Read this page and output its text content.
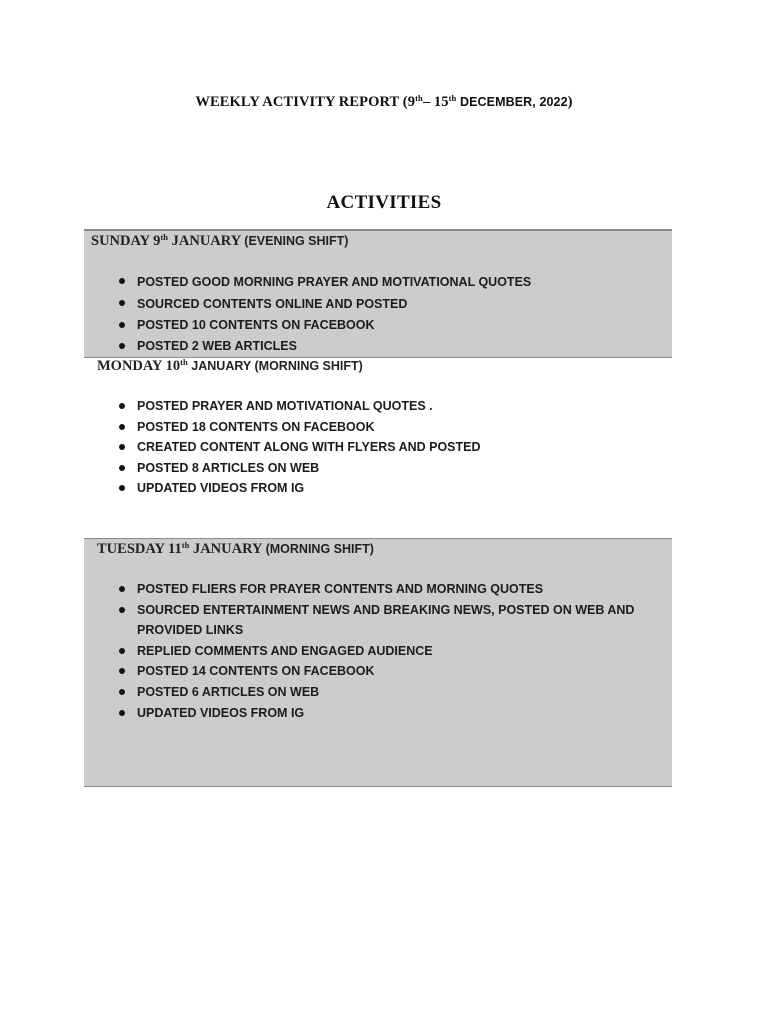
WEEKLY ACTIVITY REPORT (9th– 15th DECEMBER, 2022)
ACTIVITIES
SUNDAY 9th JANUARY (EVENING SHIFT)
POSTED GOOD MORNING PRAYER AND MOTIVATIONAL QUOTES
SOURCED CONTENTS ONLINE AND POSTED
POSTED 10 CONTENTS ON FACEBOOK
POSTED 2 WEB ARTICLES
MONDAY 10th JANUARY (MORNING SHIFT)
POSTED PRAYER AND MOTIVATIONAL QUOTES .
POSTED 18 CONTENTS ON FACEBOOK
CREATED CONTENT ALONG WITH FLYERS AND POSTED
POSTED 8 ARTICLES ON WEB
UPDATED VIDEOS FROM IG
TUESDAY 11th JANUARY (MORNING SHIFT)
POSTED FLIERS FOR PRAYER CONTENTS AND MORNING QUOTES
SOURCED ENTERTAINMENT NEWS AND BREAKING NEWS, POSTED ON WEB AND PROVIDED LINKS
REPLIED COMMENTS AND ENGAGED AUDIENCE
POSTED 14 CONTENTS ON FACEBOOK
POSTED 6 ARTICLES ON WEB
UPDATED VIDEOS FROM IG
